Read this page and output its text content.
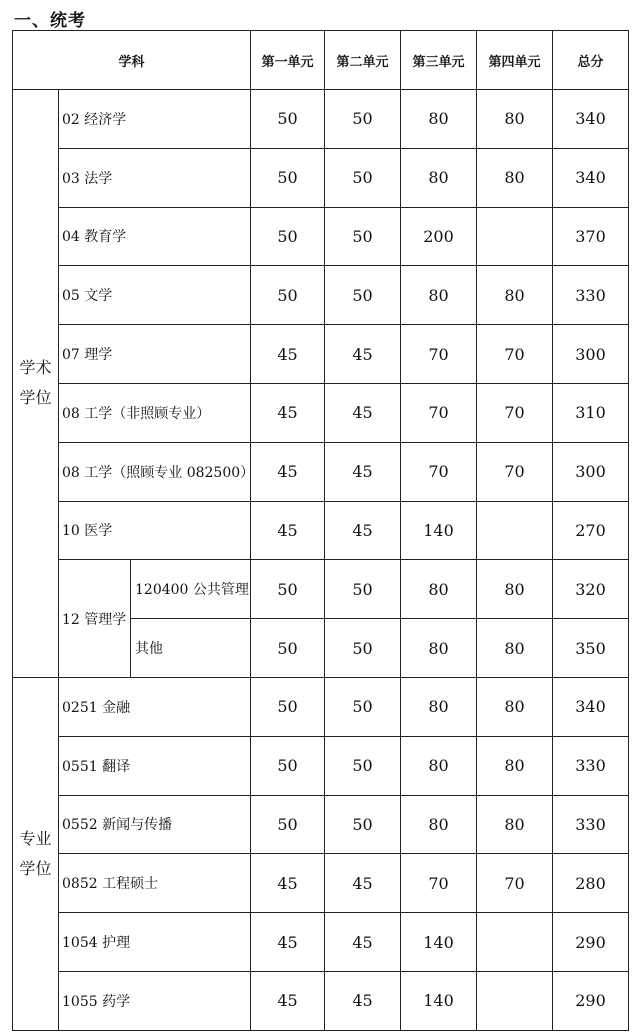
一、统考
学科			第一单元	第二单元	第三单元	第四单元	总分

学术
学位	02 经济学		50	50	80	80	340
	03 法学		50	50	80	80	340
	04 教育学		50	50	200		370
	05 文学		50	50	80	80	330
	07 理学		45	45	70	70	300
	08 工学（非照顾专业）		45	45	70	70	310
	08 工学（照顾专业 082500）		45	45	70	70	300
	10 医学		45	45	140		270
	12 管理学	120400 公共管理	50	50	80	80	320
		其他	50	50	80	80	350

专业
学位	0251 金融		50	50	80	80	340
	0551 翻译		50	50	80	80	330
	0552 新闻与传播		50	50	80	80	330
	0852 工程硕士		45	45	70	70	280
	1054 护理		45	45	140		290
	1055 药学		45	45	140		290
